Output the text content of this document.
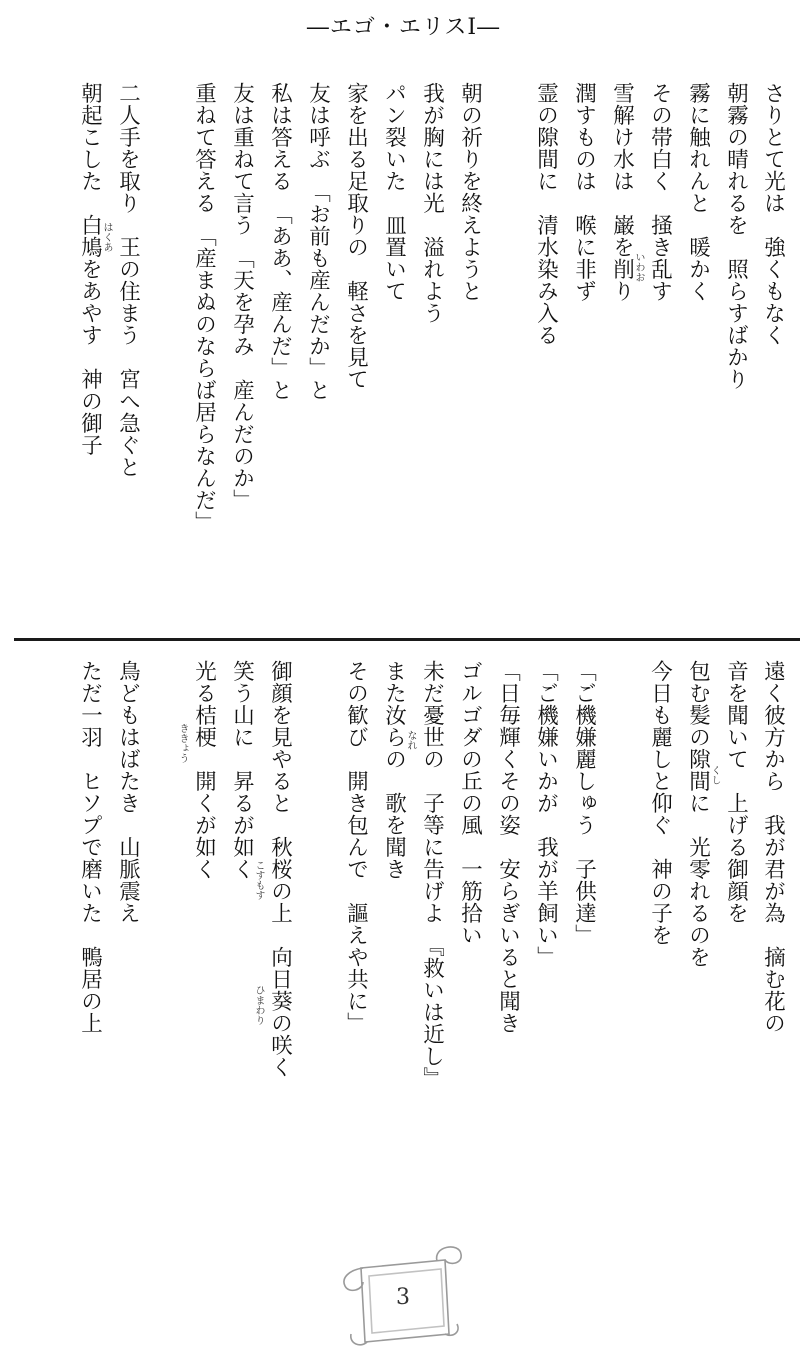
―エゴ・エリスⅠ―

さりとて光は　強くもなく

朝霧の晴れるを　照らすばかり

霧に触れんと　暖かく

その帯白く　掻き乱す

雪解け水は　巌を削り

潤すものは　喉に非ず

霊の隙間に　清水染み入る

朝の祈りを終えようと

我が胸には光　溢れよう

パン裂いた　皿置いて

家を出る足取りの　軽さを見て

友は呼ぶ　「お前も産んだか」と

私は答える　「ああ、産んだ」と

友は重ねて言う　「天を孕み　産んだのか」

重ねて答える　「産まぬのならば居らなんだ」

二人手を取り　王の住まう　宮へ急ぐと

朝起こした　白鳩をあやす　神の御子	いわお
はくあ

遠く彼方から　我が君が為　摘む花の

音を聞いて　上げる御顔を

包む髪の隙間に　光零れるのを

今日も麗しと仰ぐ　神の子を

「ご機嫌麗しゅう　子供達」

「ご機嫌いかが　我が羊飼い」

「日毎輝くその姿　安らぎいると聞き

ゴルゴダの丘の風　一筋拾い

未だ憂世の　子等に告げよ　『救いは近し』

また汝らの　歌を聞き

その歓び　開き包んで　謳えや共に」

御顔を見やると　秋桜の上　向日葵の咲く

笑う山に　昇るが如く

光る桔梗　開くが如く

鳥どもはばたき　山脈震え

ただ一羽　ヒソプで磨いた　鴨居の上	くし
なれ
こすもす
ひまわり
ききょう
3
